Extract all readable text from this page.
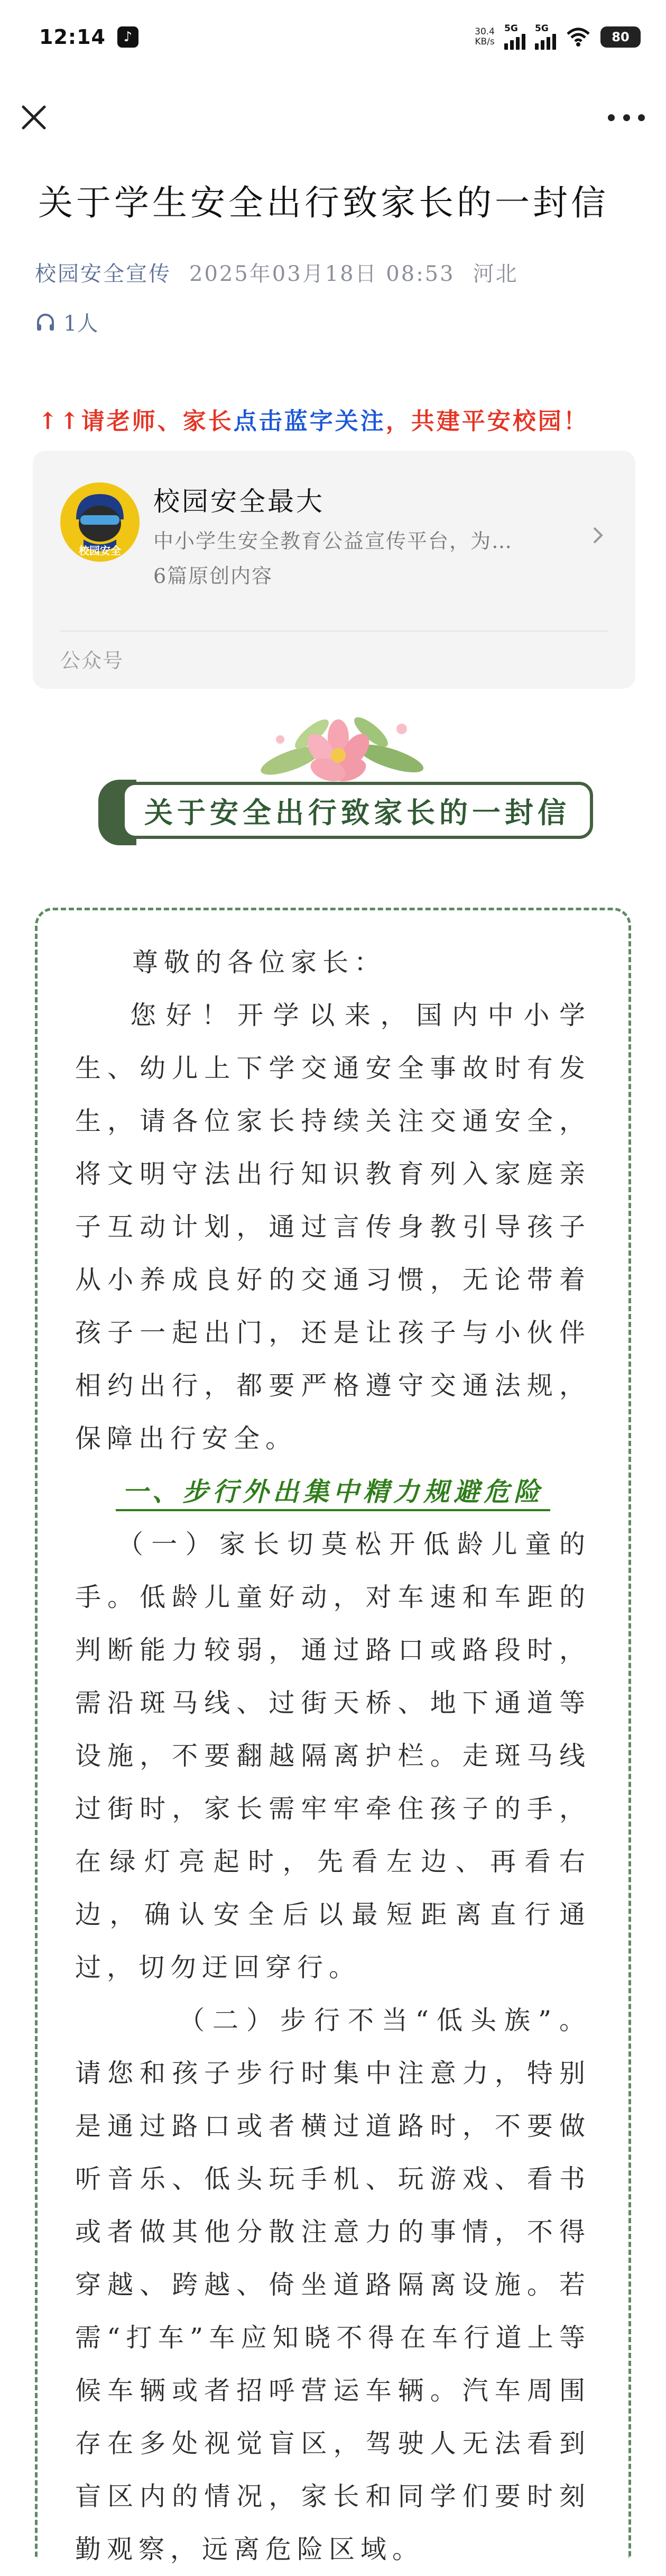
12:14	♪	30.4
KB/s
5G 5G
80
关于学生安全出行致家长的一封信
校园安全宣传 2025年03月18日 08:53 河北
1人
↑↑请老师、家长点击蓝字关注，共建平安校园！
校园安全
校园安全最大
中小学生安全教育公益宣传平台，为…
6篇原创内容
公众号
关于安全出行致家长的一封信

尊敬的各位家长：

您好！开学以来，国内中小学生、幼儿上下学交通安全事故时有发生，请各位家长持续关注交通安全，将文明守法出行知识教育列入家庭亲子互动计划，通过言传身教引导孩子从小养成良好的交通习惯，无论带着孩子一起出门，还是让孩子与小伙伴相约出行，都要严格遵守交通法规，保障出行安全。

一、步行外出集中精力规避危险

（一）家长切莫松开低龄儿童的手。低龄儿童好动，对车速和车距的判断能力较弱，通过路口或路段时，需沿斑马线、过街天桥、地下通道等设施，不要翻越隔离护栏。走斑马线过街时，家长需牢牢牵住孩子的手，在绿灯亮起时，先看左边、再看右边，确认安全后以最短距离直行通过，切勿迂回穿行。

（二）步行不当“低头族”。请您和孩子步行时集中注意力，特别是通过路口或者横过道路时，不要做听音乐、低头玩手机、玩游戏、看书或者做其他分散注意力的事情，不得穿越、跨越、倚坐道路隔离设施。若需“打车”车应知晓不得在车行道上等候车辆或者招呼营运车辆。汽车周围存在多处视觉盲区，驾驶人无法看到盲区内的情况，家长和同学们要时刻勤观察，远离危险区域。
